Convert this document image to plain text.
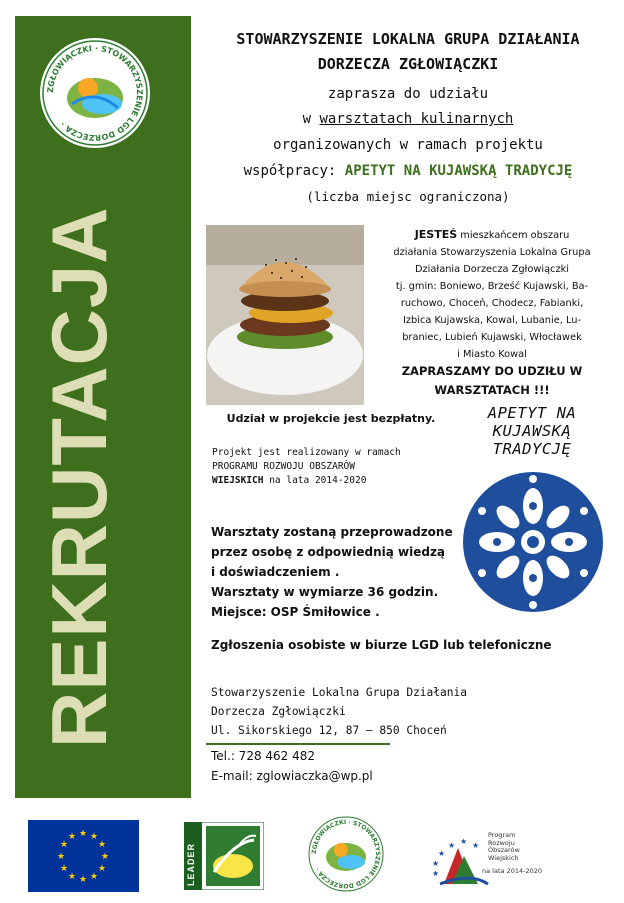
ZGŁOWIĄCZKI · STOWARZYSZENIE LGD DORZECZA ·
REKRUTACJA
STOWARZYSZENIE LOKALNA GRUPA DZIAŁANIA
DORZECZA ZGŁOWIĄCZKI
zaprasza do udziału
w warsztatach kulinarnych
organizowanych w ramach projektu
współpracy: APETYT NA KUJAWSKĄ TRADYCJĘ
(liczba miejsc ograniczona)
JESTEŚ mieszkańcem obszaru
działania Stowarzyszenia Lokalna Grupa
Działania Dorzecza Zgłowiączki
tj. gmin: Boniewo, Brześć Kujawski, Ba-
ruchowo, Choceń, Chodecz, Fabianki,
Izbica Kujawska, Kowal, Lubanie, Lu-
braniec, Lubień Kujawski, Włocławek
i Miasto Kowal
ZAPRASZAMY DO UDZIŁU W
WARSZTATACH !!!
Udział w projekcie jest bezpłatny.
Projekt jest realizowany w ramach
PROGRAMU ROZWOJU OBSZARÓW
WIEJSKICH na lata 2014-2020
APETYT NA
KUJAWSKĄ
TRADYCJĘ
Warsztaty zostaną przeprowadzone
przez osobę z odpowiednią wiedzą
i doświadczeniem .
Warsztaty w wymiarze 36 godzin.
Miejsce: OSP Śmiłowice .
Zgłoszenia osobiste w biurze LGD lub telefoniczne
Stowarzyszenie Lokalna Grupa Działania
Dorzecza Zgłowiączki
Ul. Sikorskiego 12, 87 – 850 Choceń
Tel.: 728 462 482
E-mail: zglowiaczka@wp.pl
★ ★
★
★
★
★
★
★
★
★
★
★
LEADER	ZGŁOWIĄCZKI · STOWARZYSZENIE LGD DORZECZA ·
★
★
★ ★ ★
★
Program
Rozwoju
Obszarów
Wiejskich
na lata 2014-2020
